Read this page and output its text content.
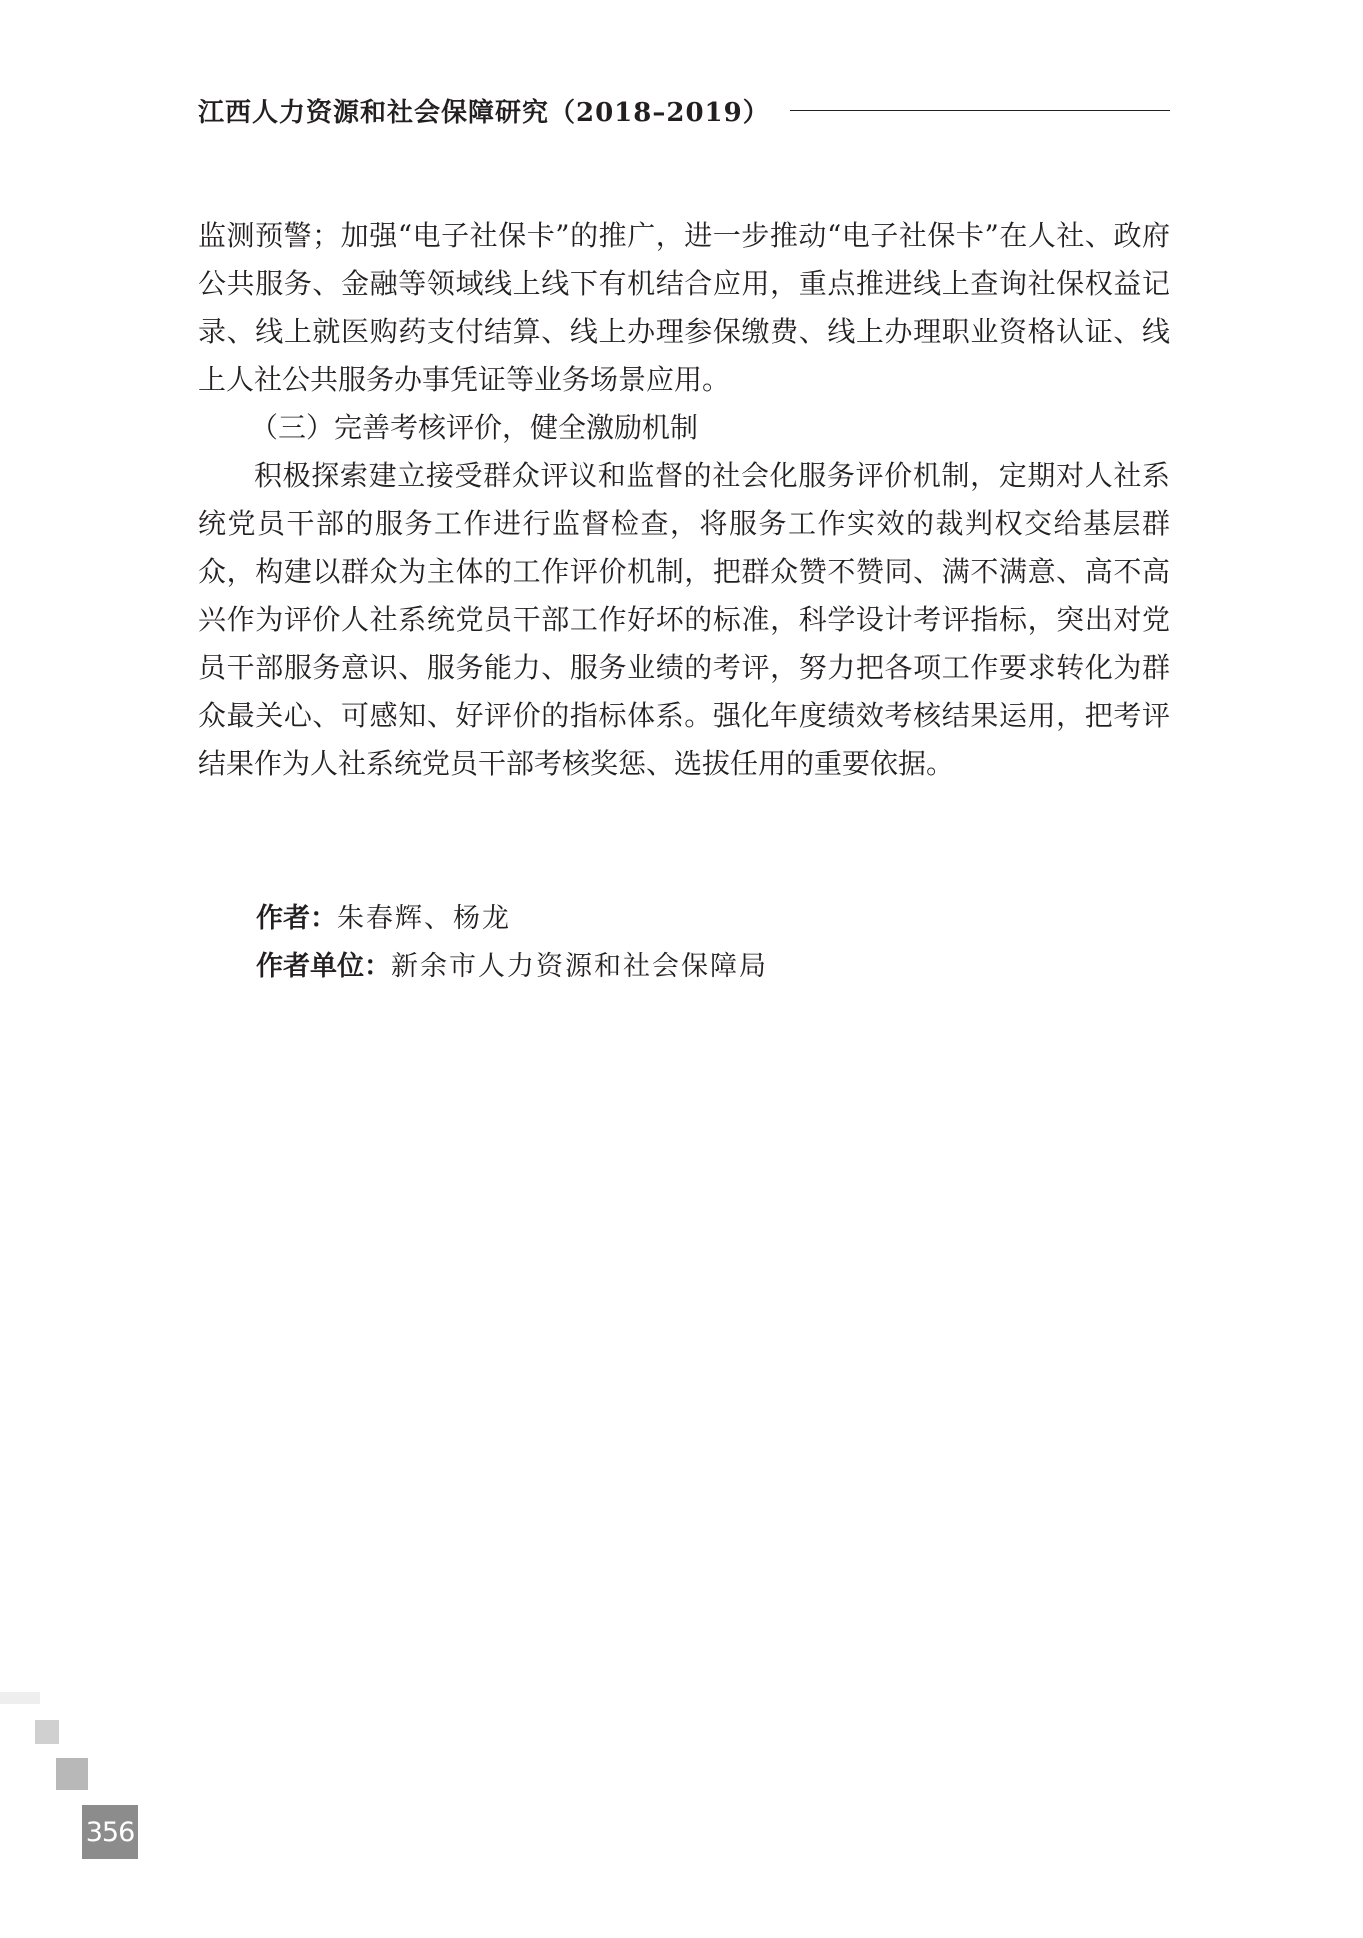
江西人力资源和社会保障研究（2018–2019）

监测预警；加强“电子社保卡”的推广，进一步推动“电子社保卡”在人社、政府公共服务、金融等领域线上线下有机结合应用，重点推进线上查询社保权益记录、线上就医购药支付结算、线上办理参保缴费、线上办理职业资格认证、线上人社公共服务办事凭证等业务场景应用。

（三）完善考核评价，健全激励机制

积极探索建立接受群众评议和监督的社会化服务评价机制，定期对人社系统党员干部的服务工作进行监督检查，将服务工作实效的裁判权交给基层群众，构建以群众为主体的工作评价机制，把群众赞不赞同、满不满意、高不高兴作为评价人社系统党员干部工作好坏的标准，科学设计考评指标，突出对党员干部服务意识、服务能力、服务业绩的考评，努力把各项工作要求转化为群众最关心、可感知、好评价的指标体系。强化年度绩效考核结果运用，把考评结果作为人社系统党员干部考核奖惩、选拔任用的重要依据。

作者：朱春辉、杨龙
作者单位：新余市人力资源和社会保障局
356
